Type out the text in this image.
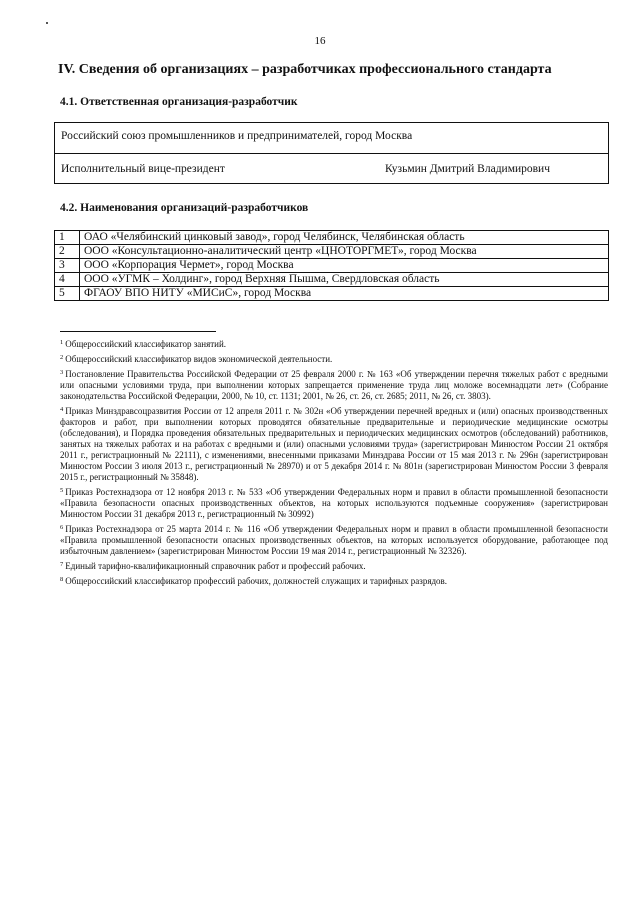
16
IV. Сведения об организациях – разработчиках профессионального стандарта
4.1. Ответственная организация-разработчик
Российский союз промышленников и предпринимателей, город Москва
Исполнительный вице-президент	Кузьмин Дмитрий Владимирович
4.2. Наименования организаций-разработчиков
1	ОАО «Челябинский цинковый завод», город Челябинск, Челябинская область
2	ООО «Консультационно-аналитический центр «ЦНОТОРГМЕТ», город Москва
3	ООО «Корпорация Чермет», город Москва
4	ООО «УГМК – Холдинг», город Верхняя Пышма, Свердловская область
5	ФГАОУ ВПО НИТУ «МИСиС», город Москва
$^1$ Общероссийский классификатор занятий.
$^2$ Общероссийский классификатор видов экономической деятельности.
$^3$ Постановление Правительства Российской Федерации от 25 февраля 2000 г. № 163 «Об утверждении перечня тяжелых работ с вредными или опасными условиями труда, при выполнении которых запрещается применение труда лиц моложе восемнадцати лет» (Собрание законодательства Российской Федерации, 2000, № 10, ст. 1131; 2001, № 26, ст. 26, ст. 2685; 2011, № 26, ст. 3803).
$^4$ Приказ Минздравсоцразвития России от 12 апреля 2011 г. № 302н «Об утверждении перечней вредных и (или) опасных производственных факторов и работ, при выполнении которых проводятся обязательные предварительные и периодические медицинские осмотры (обследования), и Порядка проведения обязательных предварительных и периодических медицинских осмотров (обследований) работников, занятых на тяжелых работах и на работах с вредными и (или) опасными условиями труда» (зарегистрирован Минюстом России 21 октября 2011 г., регистрационный № 22111), с изменениями, внесенными приказами Минздрава России от 15 мая 2013 г. № 296н (зарегистрирован Минюстом России 3 июля 2013 г., регистрационный № 28970) и от 5 декабря 2014 г. № 801н (зарегистрирован Минюстом России 3 февраля 2015 г., регистрационный № 35848).
$^5$ Приказ Ростехнадзора от 12 ноября 2013 г. № 533 «Об утверждении Федеральных норм и правил в области промышленной безопасности «Правила безопасности опасных производственных объектов, на которых используются подъемные сооружения» (зарегистрирован Минюстом России 31 декабря 2013 г., регистрационный № 30992)
$^6$ Приказ Ростехнадзора от 25 марта 2014 г. № 116 «Об утверждении Федеральных норм и правил в области промышленной безопасности «Правила промышленной безопасности опасных производственных объектов, на которых используется оборудование, работающее под избыточным давлением» (зарегистрирован Минюстом России 19 мая 2014 г., регистрационный № 32326).
$^7$ Единый тарифно-квалификационный справочник работ и профессий рабочих.
$^8$ Общероссийский классификатор профессий рабочих, должностей служащих и тарифных разрядов.
